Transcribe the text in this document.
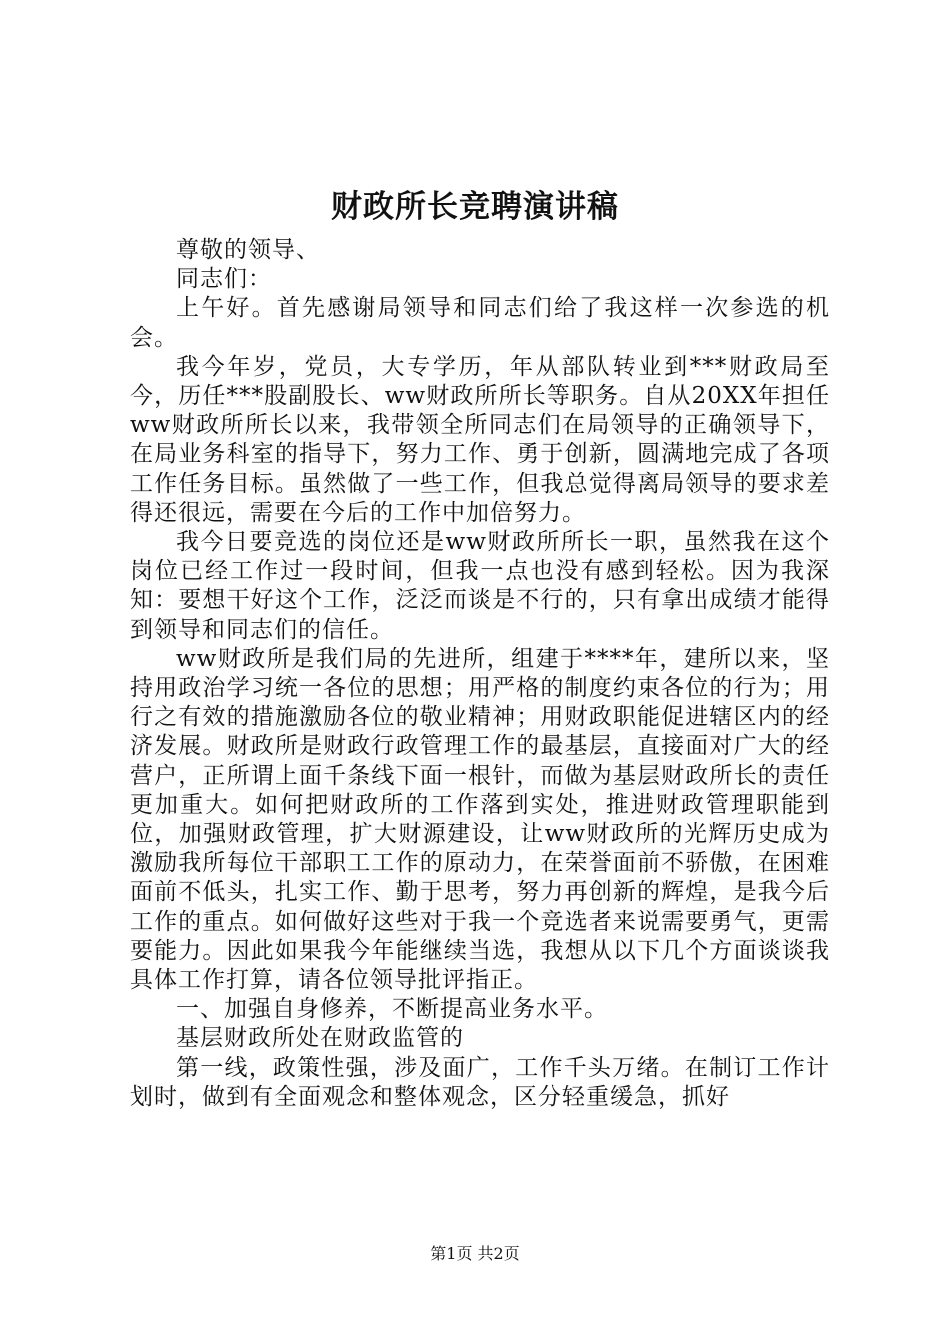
财政所长竞聘演讲稿

尊敬的领导、

同志们：

上午好。首先感谢局领导和同志们给了我这样一次参选的机会。

我今年岁，党员，大专学历，年从部队转业到***财政局至今，历任***股副股长、ww财政所所长等职务。自从20XX年担任ww财政所所长以来，我带领全所同志们在局领导的正确领导下，在局业务科室的指导下，努力工作、勇于创新，圆满地完成了各项工作任务目标。虽然做了一些工作，但我总觉得离局领导的要求差得还很远，需要在今后的工作中加倍努力。

我今日要竞选的岗位还是ww财政所所长一职，虽然我在这个岗位已经工作过一段时间，但我一点也没有感到轻松。因为我深知：要想干好这个工作，泛泛而谈是不行的，只有拿出成绩才能得到领导和同志们的信任。

ww财政所是我们局的先进所，组建于****年，建所以来，坚持用政治学习统一各位的思想；用严格的制度约束各位的行为；用行之有效的措施激励各位的敬业精神；用财政职能促进辖区内的经济发展。财政所是财政行政管理工作的最基层，直接面对广大的经营户，正所谓上面千条线下面一根针，而做为基层财政所长的责任更加重大。如何把财政所的工作落到实处，推进财政管理职能到位，加强财政管理，扩大财源建设，让ww财政所的光辉历史成为激励我所每位干部职工工作的原动力，在荣誉面前不骄傲，在困难面前不低头，扎实工作、勤于思考，努力再创新的辉煌，是我今后工作的重点。如何做好这些对于我一个竞选者来说需要勇气，更需要能力。因此如果我今年能继续当选，我想从以下几个方面谈谈我具体工作打算，请各位领导批评指正。

一、加强自身修养，不断提高业务水平。

基层财政所处在财政监管的

第一线，政策性强，涉及面广，工作千头万绪。在制订工作计划时，做到有全面观念和整体观念，区分轻重缓急，抓好

第1页 共2页
